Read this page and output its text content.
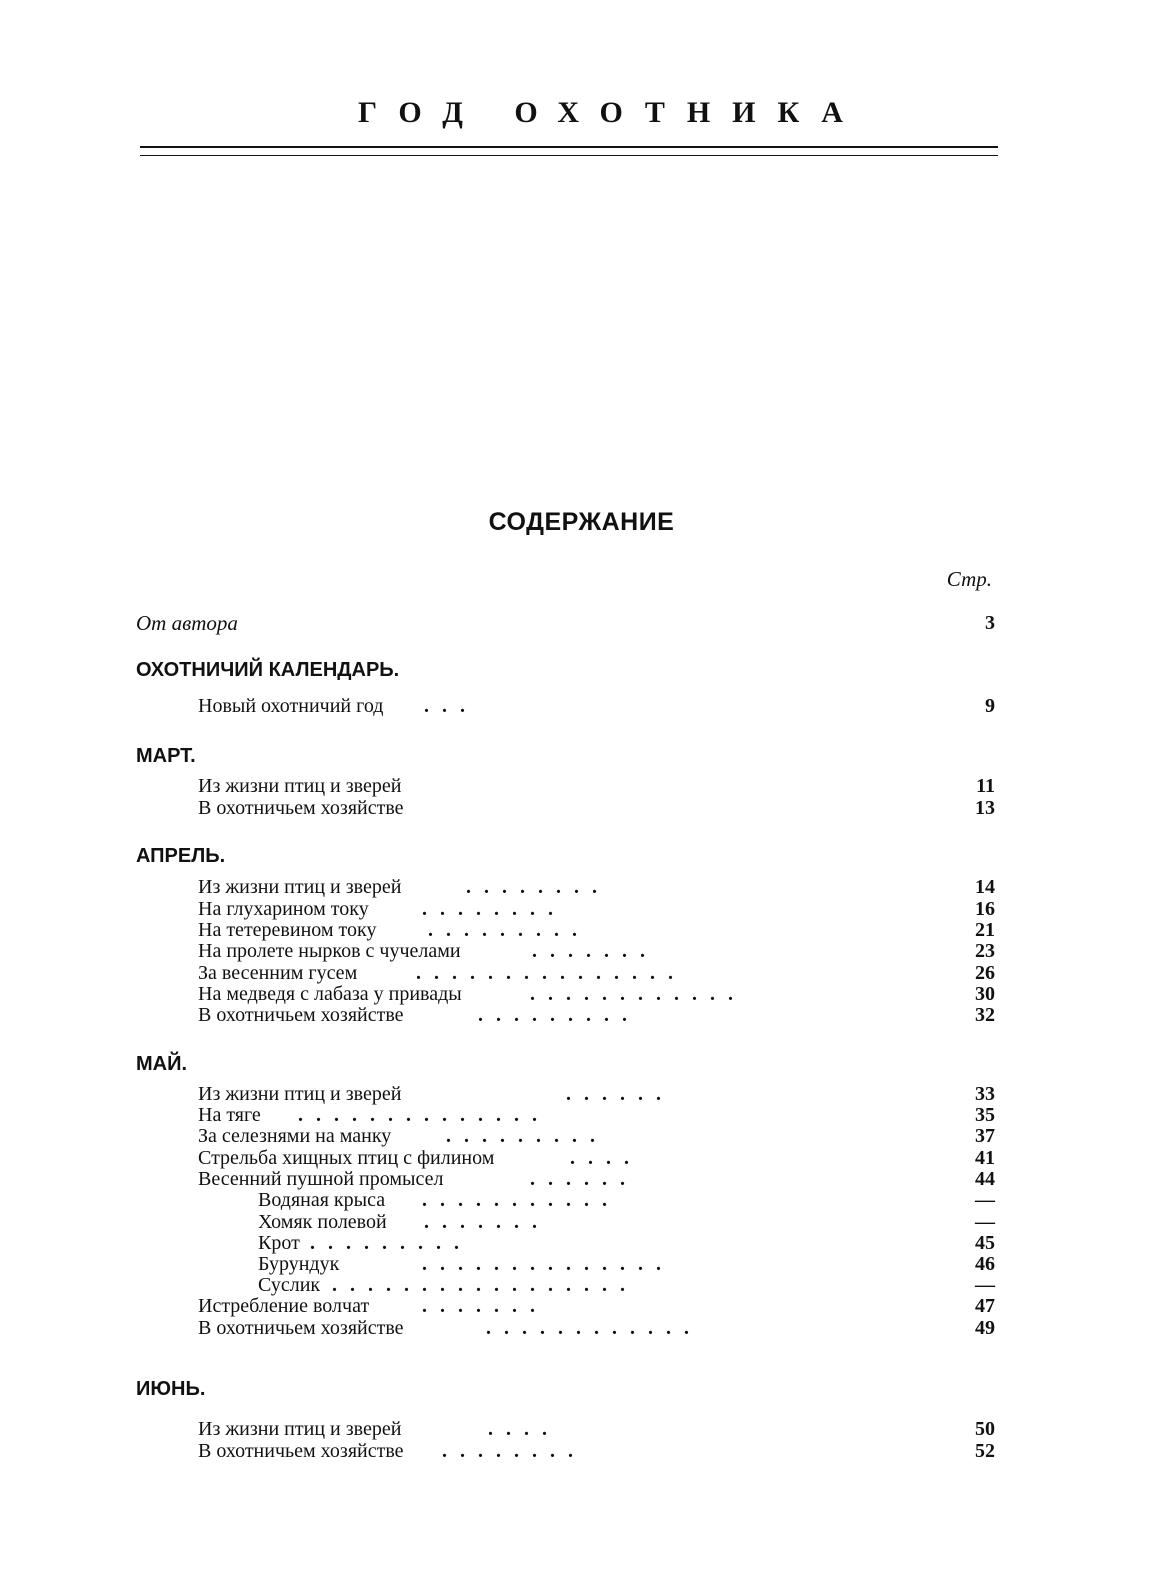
ГОД ОХОТНИКА
СОДЕРЖАНИЕ
Стр.
От автора	3
ОХОТНИЧИЙ КАЛЕНДАРЬ.
Новый охотничий год . . .	9
МАРТ.
Из жизни птиц и зверей	11
В охотничьем хозяйстве	13
АПРЕЛЬ.
Из жизни птиц и зверей	. . . . . . . .	14
На глухарином току	. . . . . . . .	16
На тетеревином току	. . . . . . . . .	21
На пролете нырков с чучелами	. . . . . . .	23
За весенним гусем	. . . . . . . . . . . . . . .	26
На медведя с лабаза у привады	. . . . . . . . . . . .	30
В охотничьем хозяйстве	. . . . . . . . .	32
МАЙ.
Из жизни птиц и зверей	. . . . . .	33
На тяге . . . . . . . . . . . . . .	35
За селезнями на манку	. . . . . . . . .	37
Стрельба хищных птиц с филином	. . . .	41
Весенний пушной промысел	. . . . . .	44
Водяная крыса . . . . . . . . . . .	—
Хомяк полевой . . . . . . .	—
Крот . . . . . . . . .	45
Бурундук	. . . . . . . . . . . . . .	46
Суслик . . . . . . . . . . . . . . . . .	—
Истребление волчат	. . . . . . .	47
В охотничьем хозяйстве	. . . . . . . . . . . .	49
ИЮНЬ.
Из жизни птиц и зверей	. . . .	50
В охотничьем хозяйстве . . . . . . . .	52
